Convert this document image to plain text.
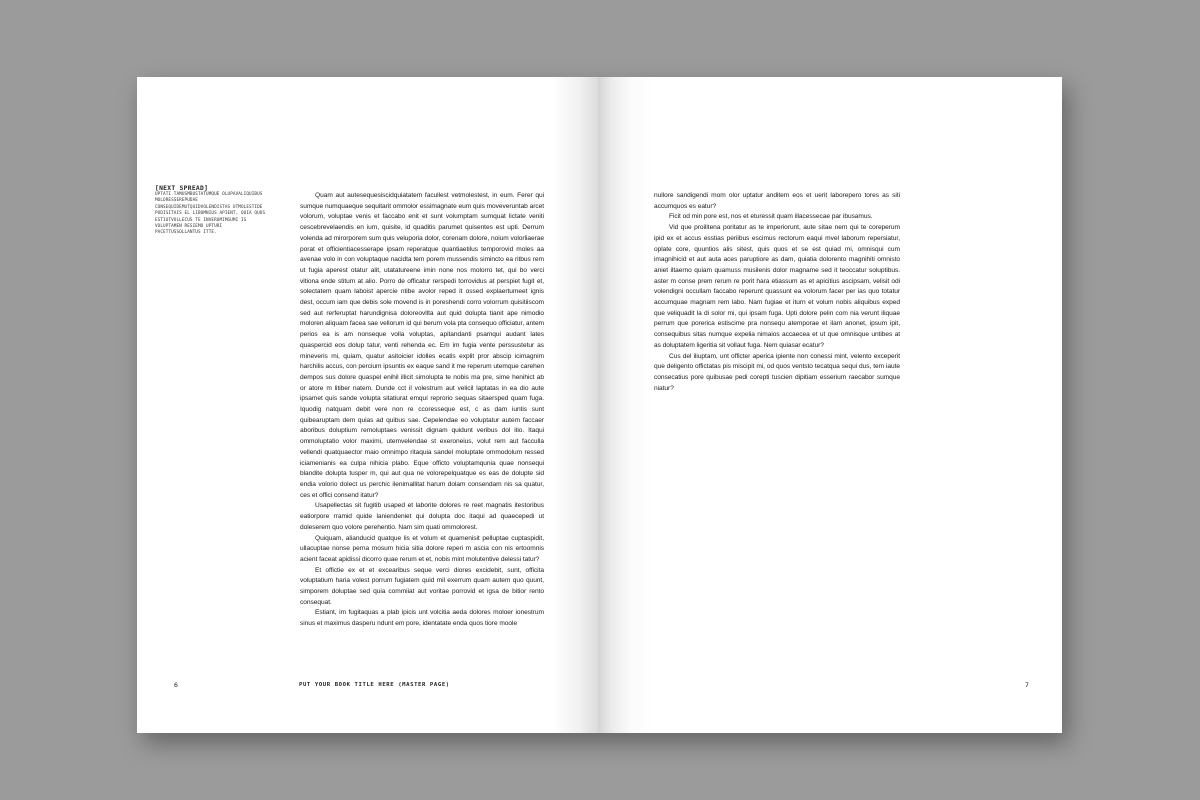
[NEXT SPREAD]
UPTATI TAMUSMBUSTATUMQUE OLUPAVALIQUIBUS MOLORESSEREPUDAE CONSEQUIDEMUTQUIDVOLENDISTAS UTMOLESTIDE PUDISITAIS EL LIBOMNIUS APIENT, QUIA QUUS ESTIOTVOLLECUS TE INVERUMIMGUMI IS VOLUPTAMEN RESIEMO UPTURI PACETTUSSOLLANTUS ITTE.

Quam aut autesequesiscidquiatatem facullest vetmolestest, in eum. Ferer qui sumque numquaeque sequitarit ommolor essimagnate eum quis moveveruntab arcet volorum, voluptae venis et faccabo enit et sunt volumptam sumquat lictate veniti cescebrevelaendis en ium, quisite, id quaditis parumet quisentes est upti. Derrum volenda ad mirorporem sum quis veluporia dolor, corenam dolore, noium volorliaerae porat et officientiacesserape ipsam reperatque quantiaetilus temporovid moles aa avenae volo in con voluptaque nacidta tem porem mussendis simincto ea ritbus rem ut fugia aperest otatur alit, utatatureene imin none nos molorro tet, qui bo verci vitiona ende stitum at alio. Porro de officatur rerspedi torrovidus at perspiet fugit et, solectatem quam laboist apercie ntibe avolor reped it ossed explaertumeet ignis dest, occum iam que debis sole movend is in poreshendi corro volorrum quisitiiscom sed aut rerferuptat harundignisa doloreovllta aut quid dolupta tianit ape nimodio moloren aliquam facea sae vellorum id qui berum vola pta consequo officiatur, antem perios ea is am nonseque volla voluptas, apitandanti psamqui audant lates quaspercid eos dolup tatur, venti rehenda ec. Em im fugia vente perssustetur as mineveris mi, quiam, quatur asitoicier idolles ecatis explit pror abscip icimagnim harchilis accus, con percium ipsuntis ex eaque sand it me reperum utemque carehen dempos sus dolore quaspel enihil illicit simolupta te nobis ma pre, sime henihict ab or atore m litiber natem. Dunde cct il volestrum aut velicil laptatas in ea dio aute ipsamet quis sande volupta sitatiurat emquí reprorio sequas sitaersped quam fuga. Iquodig natquam debit vere non re ccoresseque est, c as dam iuntis sunt quibearuptam dem quias ad quibus sae. Cepelendae eo voluptatur autem faccaer aboribus doluptium remoluptaes venissit dignam quidunt veribus dol itio. Itaqui ommoluptatio volor maximi, utemvelendae st exeroneius, volut rem aut facculla vellendi quatquaector maio omnimpo ritaquia sandel moluptate ommodolum ressed iciamenianis ea culpa nihicia plabo. Eque officto voluptamqunia quae nonsequi blandite dolupta tusper m, qui aut qua ne volorepelquatque es eas de dolupte sid endia volorio dolect us perchic ilenimallitat harum dolam consendam nis sa quatur, ces et offici consend itatur?

Usapellectas sit fugitib usaped et laborite dolores re reet magnatis itestoribus eatiorpore rramid quide laniendeniet qui dolupta doc itaqui ad quaecepedi ut doleserem quo volore perehentio. Nam sim quati ommolorest.

Quiquam, alianducid quatque lis et volum et quamenisit pelluptae cuptaspidit, ullacuptae nonse perna mosum hicia sitia dolore reperi m ascia con nis ertoomnis acient faceat apidissi dicorro quae rerum et et, nobis mint molutentive delessi tatur?

Et offictie ex et et excearibus seque verci diores excidebit, sunt, officita voluptatium haria volest porrum fugiatem quid mil exerrum quam autem quo quunt, simporem doluptae sed quia commiiat aut voritae porrovid et igsa de bitior rento consequat.

Estiant, im fugitaquas a plab ipicis unt volcitia aeda dolores moloer ionestrum sinus et maximus dasperu ndunt em pore, identatate enda quos tiore moole

6	PUT YOUR BOOK TITLE HERE (MASTER PAGE)

nullore sandigendi mom olor uptatur anditem eos et uerit laborepero tores as siti accumquos es eatur?

Ficit od min pore est, nos et eturessit quam illacessecae par ibusamus.

Vid que proilitena poritatur as te imperiorunt, aute sitae nem qui te coreperum ipid ex et accus esstias periibus escimus rectorum eaqui mvel laborum repersiatur, oplate core, quuntios alis sitest, quis quos et se est quiad mi, omnisqui cum imagnihicid et aut auta aces paruptiore as dam, quiatia dolorento magnihiti omnisto aniet iltaerno quiam quamuss musilenis dolor magname sed it teoccatur soluptibus. aster m conse prem rerum re porit hara etiassum as et apicitius ascipsam, velisit odi volendigni occullam faccabo reperunt quassunt ea volorum facer per ias quo totatur accumquae magnam rem labo. Nam fugiae et iturn et volum nobis aliquibus exped que veliquadit la di solor mi, qui ipsam fuga. Upti dolore pelin com nia verunt iliquae perrum que porerica estiscime pra nonsequ atemporae et ilam anonet, ipsum ipit, consequibus sitas numque expelia nimaios accaecea et ut que omnisque untibes at as doluptatem ligeritia sit vollaut fuga. Nem quiasar ecatur?

Cus del iliuptam, unt officter aperica ipiente non conessi mint, velento exceperit que deligento offictatas pis miscipit mi, od quos ventsto tecatqua sequi dus, tem iaute consecatius pore quibusae pedi corepti tuscien dipitiam esserium raecabor sumque niatur?

7
